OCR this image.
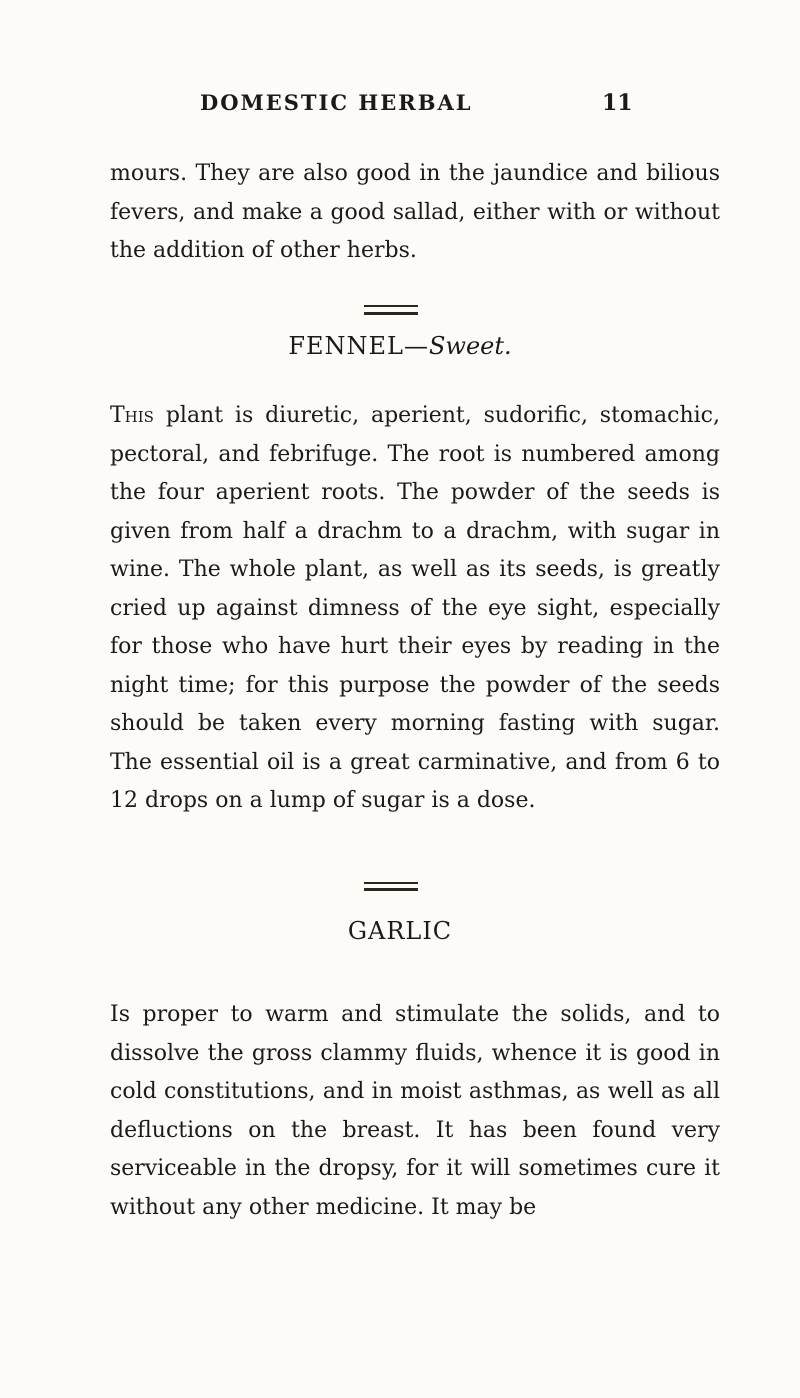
DOMESTIC HERBAL	11

mours. They are also good in the jaundice and bilious fevers, and make a good sallad, either with or without the addition of other herbs.

FENNEL—Sweet.

This plant is diuretic, aperient, sudorific, stomachic, pectoral, and febrifuge. The root is numbered among the four aperient roots. The powder of the seeds is given from half a drachm to a drachm, with sugar in wine. The whole plant, as well as its seeds, is greatly cried up against dimness of the eye sight, especially for those who have hurt their eyes by reading in the night time; for this purpose the powder of the seeds should be taken every morning fasting with sugar. The essential oil is a great carminative, and from 6 to 12 drops on a lump of sugar is a dose.

GARLIC

Is proper to warm and stimulate the solids, and to dissolve the gross clammy fluids, whence it is good in cold constitutions, and in moist asthmas, as well as all defluctions on the breast. It has been found very serviceable in the dropsy, for it will sometimes cure it without any other medicine. It may be
